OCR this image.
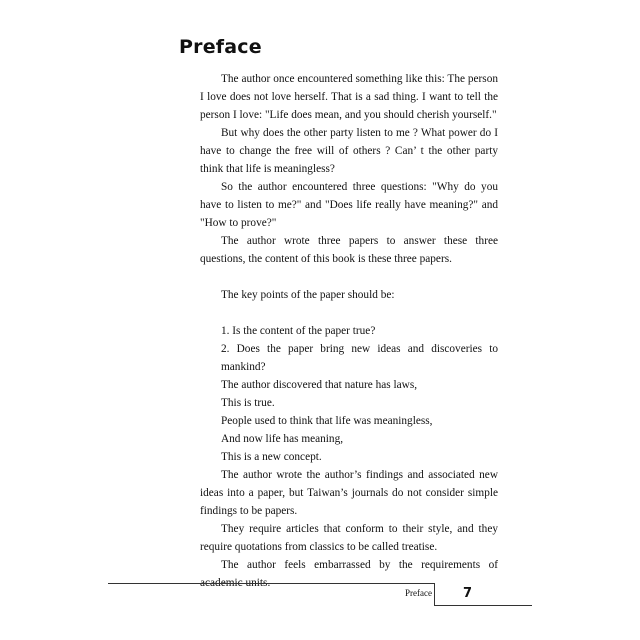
Preface

The author once encountered something like this: The person I love does not love herself. That is a sad thing. I want to tell the person I love: "Life does mean, and you should cherish yourself."

But why does the other party listen to me ? What power do I have to change the free will of others ? Can’ t the other party think that life is meaningless?

So the author encountered three questions: "Why do you have to listen to me?" and "Does life really have meaning?" and "How to prove?"

The author wrote three papers to answer these three questions, the content of this book is these three papers.

The key points of the paper should be:

1. Is the content of the paper true?

2. Does the paper bring new ideas and discoveries to mankind?

The author discovered that nature has laws,

This is true.

People used to think that life was meaningless,

And now life has meaning,

This is a new concept.

The author wrote the author’s findings and associated new ideas into a paper, but Taiwan’s journals do not consider simple findings to be papers.

They require articles that conform to their style, and they require quotations from classics to be called treatise.

The author feels embarrassed by the requirements of academic units.

Preface 7
